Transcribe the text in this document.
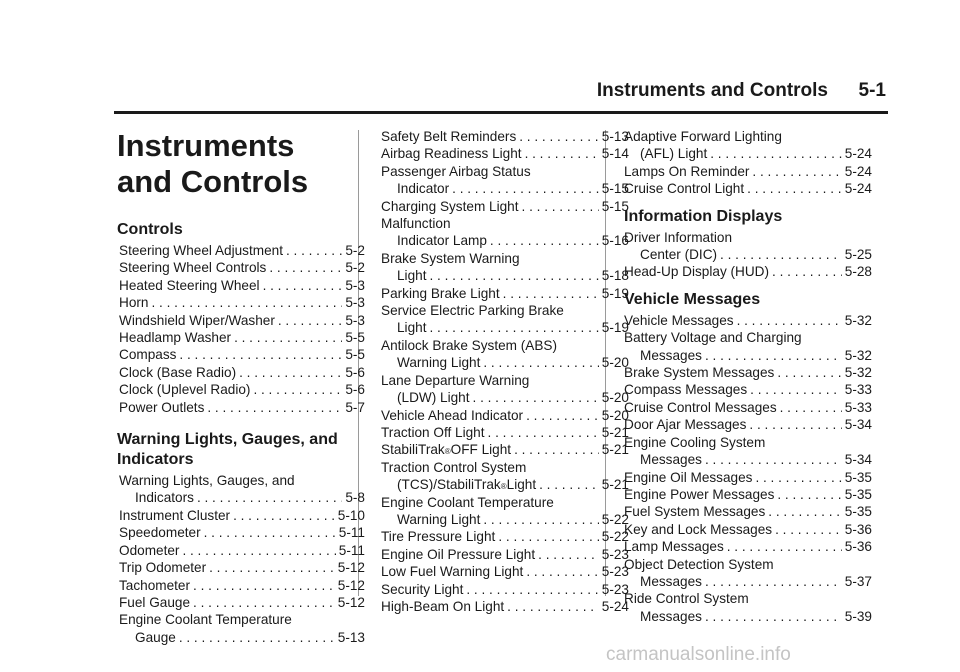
Instruments and Controls 5-1
Instruments and Controls
Controls
Steering Wheel Adjustment . . .	5-2
Steering Wheel Controls . . .	5-2
Heated Steering Wheel . . .	5-3
Horn . . .	5-3
Windshield Wiper/Washer . . .	5-3
Headlamp Washer . . .	5-5
Compass . . .	5-5
Clock (Base Radio) . . .	5-6
Clock (Uplevel Radio) . . .	5-6
Power Outlets . . .	5-7
Warning Lights, Gauges, and Indicators
Warning Lights, Gauges, and
Indicators . . .	5-8
Instrument Cluster . . .	5-10
Speedometer . . .	5-11
Odometer . . .	5-11
Trip Odometer . . .	5-12
Tachometer . . .	5-12
Fuel Gauge . . .	5-12
Engine Coolant Temperature
Gauge . . .	5-13
Safety Belt Reminders . . .	5-13
Airbag Readiness Light . . .	5-14
Passenger Airbag Status
Indicator . . .	5-15
Charging System Light . . .	5-15
Malfunction
Indicator Lamp . . .	5-16
Brake System Warning
Light . . .	5-18
Parking Brake Light . . .	5-19
Service Electric Parking Brake
Light . . .	5-19
Antilock Brake System (ABS)
Warning Light . . .	5-20
Lane Departure Warning
(LDW) Light . . .	5-20
Vehicle Ahead Indicator . . .	5-20
Traction Off Light . . .	5-21
StabiliTrak ® OFF Light . . .	5-21
Traction Control System
(TCS)/StabiliTrak ® Light . . .	5-21
Engine Coolant Temperature
Warning Light . . .	5-22
Tire Pressure Light . . .	5-22
Engine Oil Pressure Light . . .	5-23
Low Fuel Warning Light . . .	5-23
Security Light . . .	5-23
High-Beam On Light . . .	5-24
Adaptive Forward Lighting
(AFL) Light . . .	5-24
Lamps On Reminder . . .	5-24
Cruise Control Light . . .	5-24
Information Displays
Driver Information
Center (DIC) . . .	5-25
Head-Up Display (HUD) . . .	5-28
Vehicle Messages
Vehicle Messages . . .	5-32
Battery Voltage and Charging
Messages . . .	5-32
Brake System Messages . . .	5-32
Compass Messages . . .	5-33
Cruise Control Messages . . .	5-33
Door Ajar Messages . . .	5-34
Engine Cooling System
Messages . . .	5-34
Engine Oil Messages . . .	5-35
Engine Power Messages . . .	5-35
Fuel System Messages . . .	5-35
Key and Lock Messages . . .	5-36
Lamp Messages . . .	5-36
Object Detection System
Messages . . .	5-37
Ride Control System
Messages . . .	5-39
carmanualsonline.info
